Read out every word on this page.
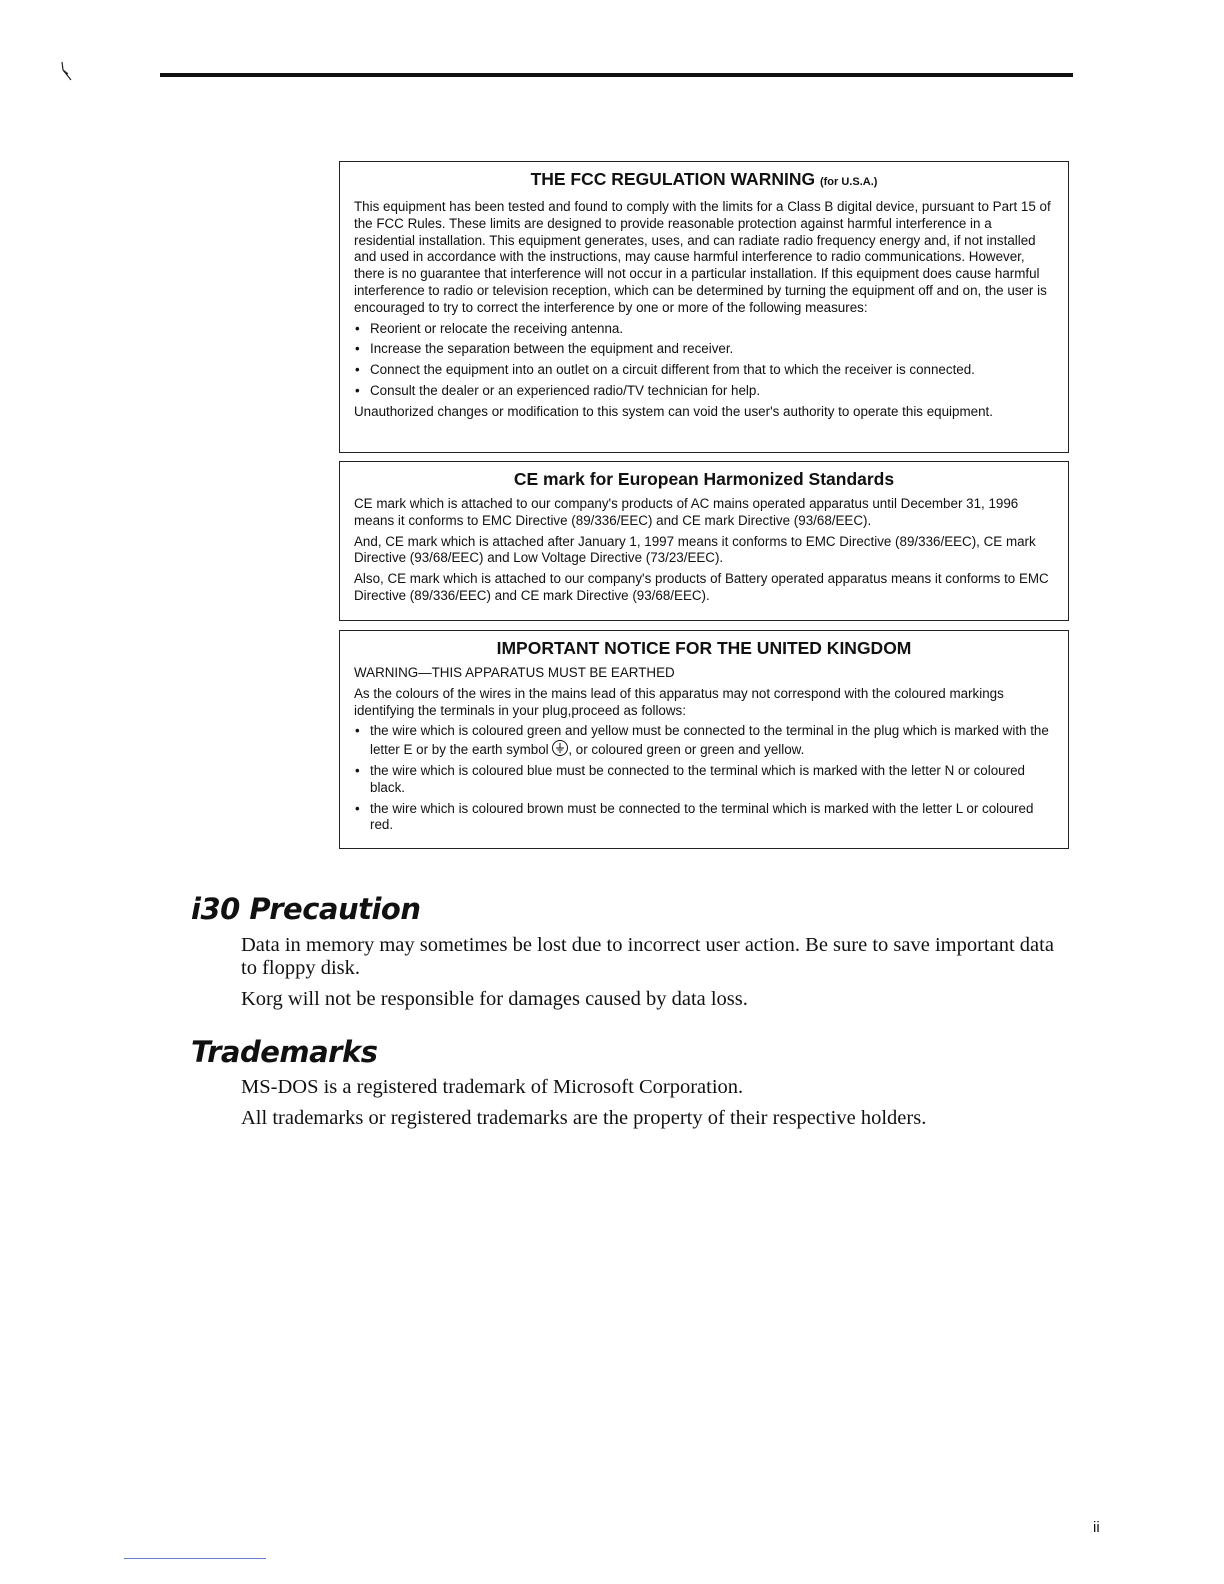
THE FCC REGULATION WARNING (for U.S.A.)

This equipment has been tested and found to comply with the limits for a Class B digital device, pursuant to Part 15 of the FCC Rules. These limits are designed to provide reasonable protection against harmful interference in a residential installation. This equipment generates, uses, and can radiate radio frequency energy and, if not installed and used in accordance with the instructions, may cause harmful interference to radio communications. However, there is no guarantee that interference will not occur in a particular installation. If this equipment does cause harmful interference to radio or television reception, which can be determined by turning the equipment off and on, the user is encouraged to try to correct the interference by one or more of the following measures:

• Reorient or relocate the receiving antenna.
• Increase the separation between the equipment and receiver.
• Connect the equipment into an outlet on a circuit different from that to which the receiver is connected.
• Consult the dealer or an experienced radio/TV technician for help.

Unauthorized changes or modification to this system can void the user's authority to operate this equipment.

CE mark for European Harmonized Standards

CE mark which is attached to our company's products of AC mains operated apparatus until December 31, 1996 means it conforms to EMC Directive (89/336/EEC) and CE mark Directive (93/68/EEC).

And, CE mark which is attached after January 1, 1997 means it conforms to EMC Directive (89/336/EEC), CE mark Directive (93/68/EEC) and Low Voltage Directive (73/23/EEC).

Also, CE mark which is attached to our company's products of Battery operated apparatus means it conforms to EMC Directive (89/336/EEC) and CE mark Directive (93/68/EEC).

IMPORTANT NOTICE FOR THE UNITED KINGDOM

WARNING—THIS APPARATUS MUST BE EARTHED

As the colours of the wires in the mains lead of this apparatus may not correspond with the coloured markings identifying the terminals in your plug,proceed as follows:

• the wire which is coloured green and yellow must be connected to the terminal in the plug which is marked with the letter E or by the earth symbol , or coloured green or green and yellow.
• the wire which is coloured blue must be connected to the terminal which is marked with the letter N or coloured black.
• the wire which is coloured brown must be connected to the terminal which is marked with the letter L or coloured red.
i30 Precaution

Data in memory may sometimes be lost due to incorrect user action. Be sure to save important data to floppy disk.

Korg will not be responsible for damages caused by data loss.

Trademarks

MS-DOS is a registered trademark of Microsoft Corporation.

All trademarks or registered trademarks are the property of their respective holders.

ii
